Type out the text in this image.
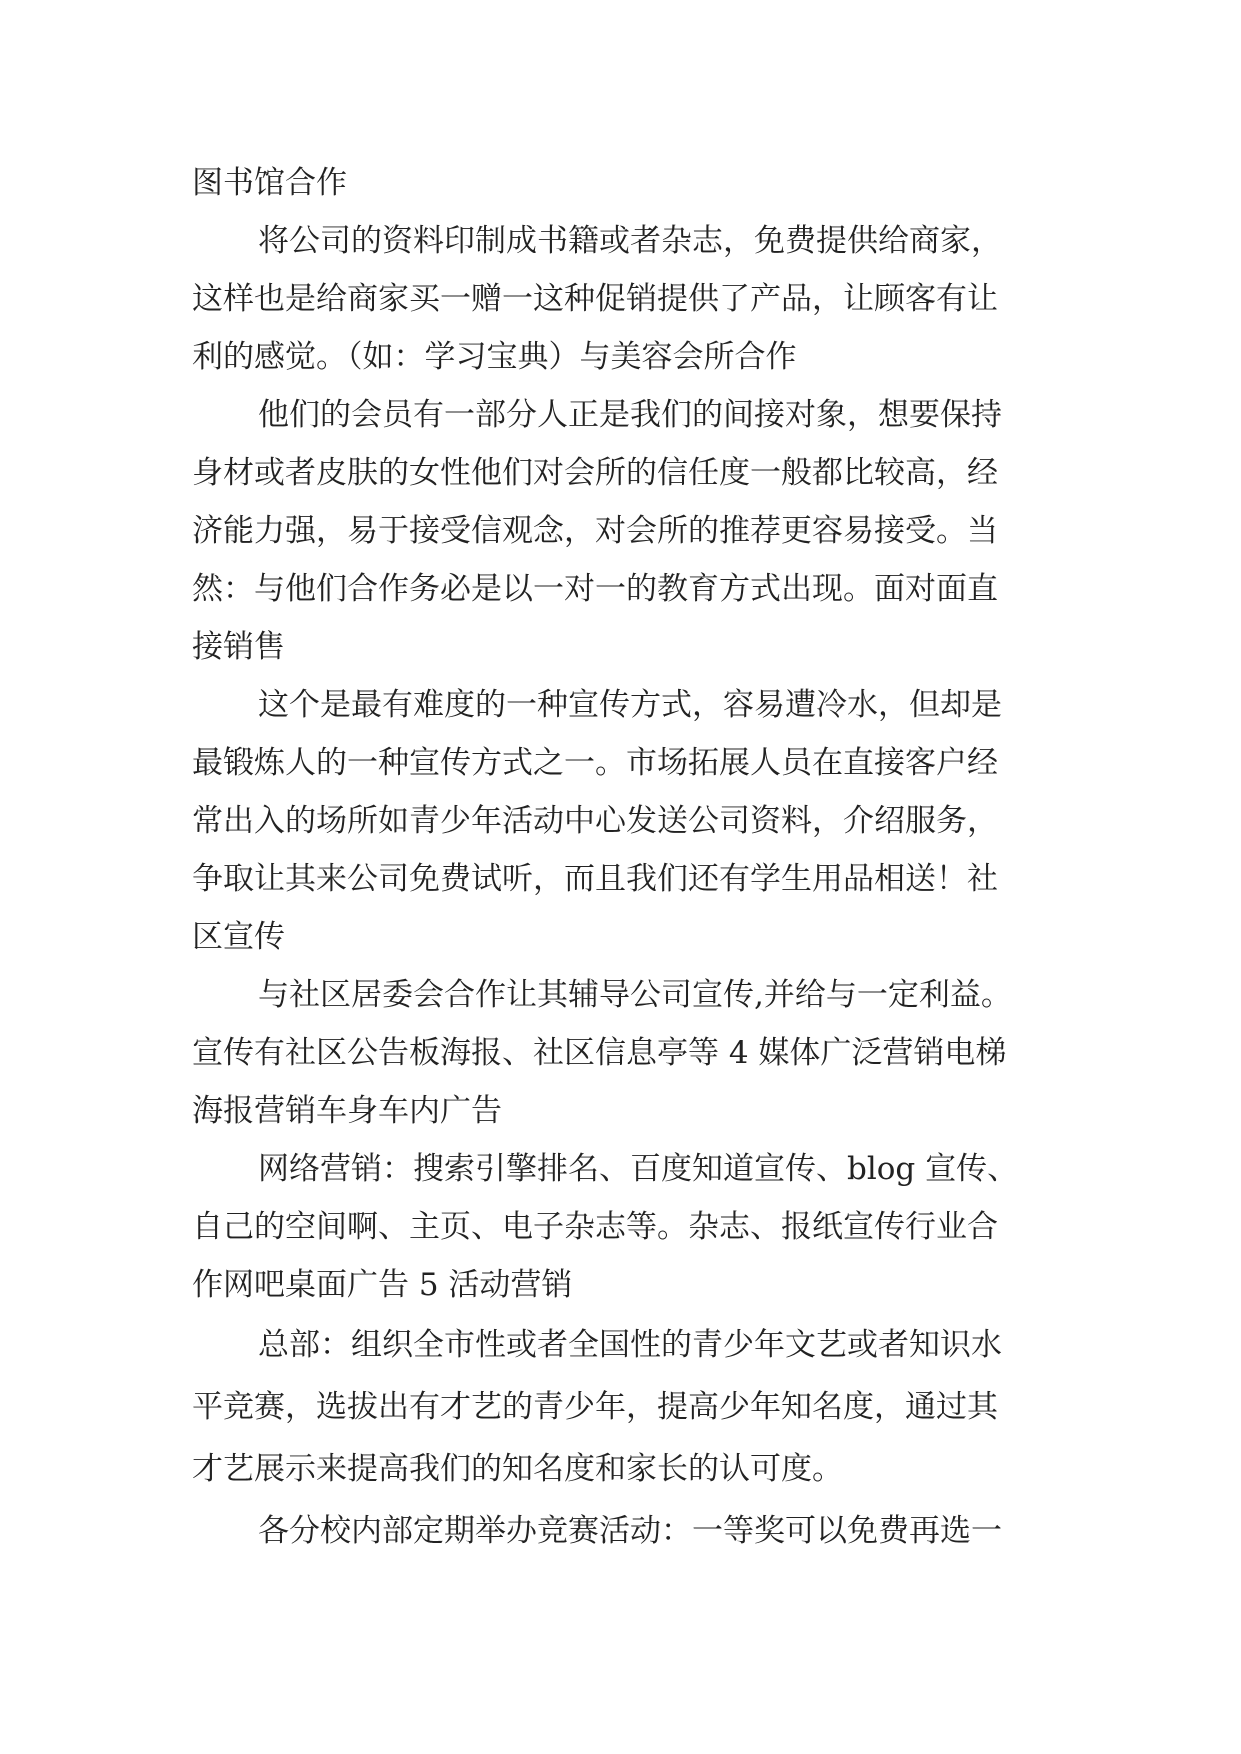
图书馆合作
将公司的资料印制成书籍或者杂志，免费提供给商家，
这样也是给商家买一赠一这种促销提供了产品，让顾客有让
利的感觉。（如：学习宝典）与美容会所合作
他们的会员有一部分人正是我们的间接对象，想要保持
身材或者皮肤的女性他们对会所的信任度一般都比较高，经
济能力强，易于接受信观念，对会所的推荐更容易接受。当
然：与他们合作务必是以一对一的教育方式出现。面对面直
接销售
这个是最有难度的一种宣传方式，容易遭冷水，但却是
最锻炼人的一种宣传方式之一。市场拓展人员在直接客户经
常出入的场所如青少年活动中心发送公司资料，介绍服务，
争取让其来公司免费试听，而且我们还有学生用品相送！社
区宣传
与社区居委会合作让其辅导公司宣传,并给与一定利益。
宣传有社区公告板海报、社区信息亭等 4 媒体广泛营销电梯
海报营销车身车内广告
网络营销：搜索引擎排名、百度知道宣传、blog 宣传、
自己的空间啊、主页、电子杂志等。杂志、报纸宣传行业合
作网吧桌面广告 5 活动营销
总部：组织全市性或者全国性的青少年文艺或者知识水
平竞赛，选拔出有才艺的青少年，提高少年知名度，通过其
才艺展示来提高我们的知名度和家长的认可度。
各分校内部定期举办竞赛活动：一等奖可以免费再选一
